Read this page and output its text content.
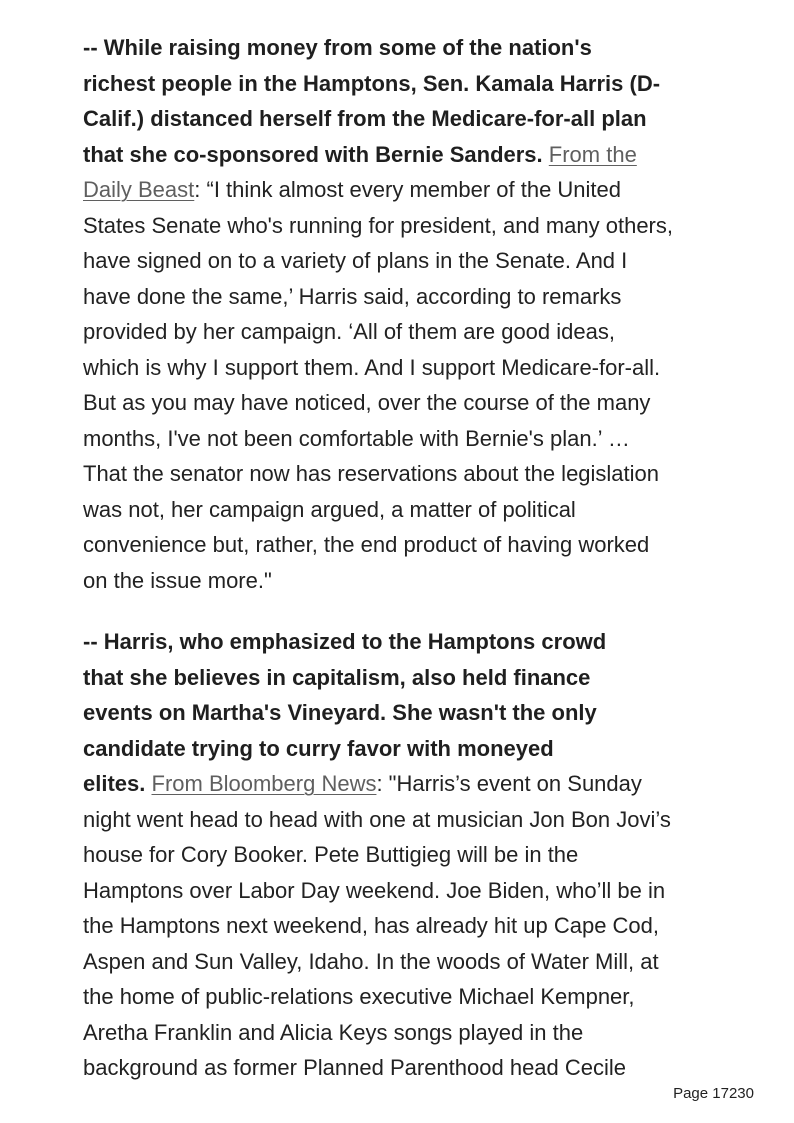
-- While raising money from some of the nation's
richest people in the Hamptons, Sen. Kamala Harris (D-
Calif.) distanced herself from the Medicare-for-all plan
that she co-sponsored with Bernie Sanders. From the
Daily Beast: “I think almost every member of the United
States Senate who's running for president, and many others,
have signed on to a variety of plans in the Senate. And I
have done the same,’ Harris said, according to remarks
provided by her campaign. ‘All of them are good ideas,
which is why I support them. And I support Medicare-for-all.
But as you may have noticed, over the course of the many
months, I've not been comfortable with Bernie's plan.’ …
That the senator now has reservations about the legislation
was not, her campaign argued, a matter of political
convenience but, rather, the end product of having worked
on the issue more."

-- Harris, who emphasized to the Hamptons crowd
that she believes in capitalism, also held finance
events on Martha's Vineyard. She wasn't the only
candidate trying to curry favor with moneyed
elites. From Bloomberg News: "Harris’s event on Sunday
night went head to head with one at musician Jon Bon Jovi’s
house for Cory Booker. Pete Buttigieg will be in the
Hamptons over Labor Day weekend. Joe Biden, who’ll be in
the Hamptons next weekend, has already hit up Cape Cod,
Aspen and Sun Valley, Idaho. In the woods of Water Mill, at
the home of public-relations executive Michael Kempner,
Aretha Franklin and Alicia Keys songs played in the
background as former Planned Parenthood head Cecile

Page 17230
